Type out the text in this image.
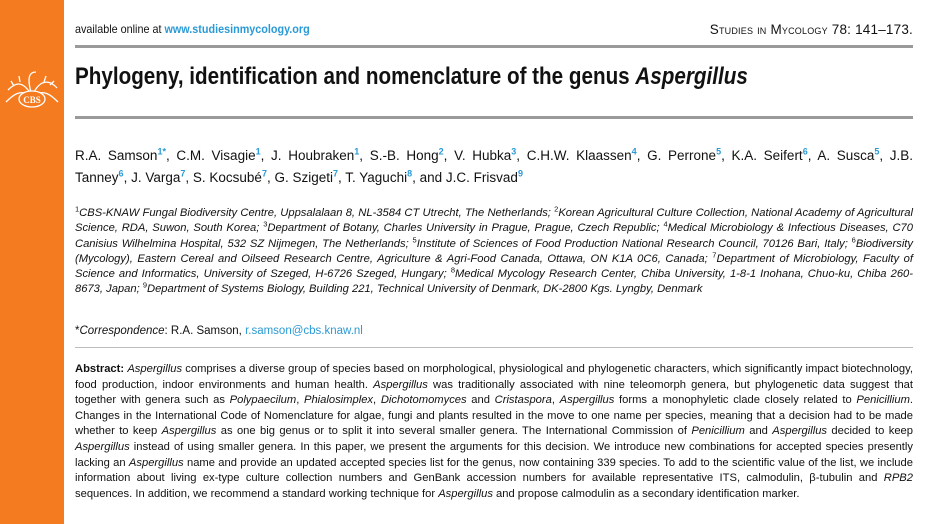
CBS
available online at www.studiesinmycology.org	Studies in Mycology 78: 141–173.
Phylogeny, identification and nomenclature of the genus Aspergillus
R.A. Samson$^{1*}$, C.M. Visagie$^1$, J. Houbraken$^1$, S.-B. Hong$^2$, V. Hubka$^3$, C.H.W. Klaassen$^4$, G. Perrone$^5$, K.A. Seifert$^6$, A. Susca$^5$, J.B. Tanney$^6$, J. Varga$^7$, S. Kocsubé$^7$, G. Szigeti$^7$, T. Yaguchi$^8$, and J.C. Frisvad$^9$
$^1$CBS-KNAW Fungal Biodiversity Centre, Uppsalalaan 8, NL-3584 CT Utrecht, The Netherlands; $^2$Korean Agricultural Culture Collection, National Academy of Agricultural Science, RDA, Suwon, South Korea; $^3$Department of Botany, Charles University in Prague, Prague, Czech Republic; $^4$Medical Microbiology & Infectious Diseases, C70 Canisius Wilhelmina Hospital, 532 SZ Nijmegen, The Netherlands; $^5$Institute of Sciences of Food Production National Research Council, 70126 Bari, Italy; $^6$Biodiversity (Mycology), Eastern Cereal and Oilseed Research Centre, Agriculture & Agri-Food Canada, Ottawa, ON K1A 0C6, Canada; $^7$Department of Microbiology, Faculty of Science and Informatics, University of Szeged, H-6726 Szeged, Hungary; $^8$Medical Mycology Research Center, Chiba University, 1-8-1 Inohana, Chuo-ku, Chiba 260-8673, Japan; $^9$Department of Systems Biology, Building 221, Technical University of Denmark, DK-2800 Kgs. Lyngby, Denmark
*Correspondence: R.A. Samson, r.samson@cbs.knaw.nl
Abstract: Aspergillus comprises a diverse group of species based on morphological, physiological and phylogenetic characters, which significantly impact biotechnology, food production, indoor environments and human health. Aspergillus was traditionally associated with nine teleomorph genera, but phylogenetic data suggest that together with genera such as Polypaecilum, Phialosimplex, Dichotomomyces and Cristaspora, Aspergillus forms a monophyletic clade closely related to Penicillium. Changes in the International Code of Nomenclature for algae, fungi and plants resulted in the move to one name per species, meaning that a decision had to be made whether to keep Aspergillus as one big genus or to split it into several smaller genera. The International Commission of Penicillium and Aspergillus decided to keep Aspergillus instead of using smaller genera. In this paper, we present the arguments for this decision. We introduce new combinations for accepted species presently lacking an Aspergillus name and provide an updated accepted species list for the genus, now containing 339 species. To add to the scientific value of the list, we include information about living ex-type culture collection numbers and GenBank accession numbers for available representative ITS, calmodulin, β-tubulin and RPB2 sequences. In addition, we recommend a standard working technique for Aspergillus and propose calmodulin as a secondary identification marker.
